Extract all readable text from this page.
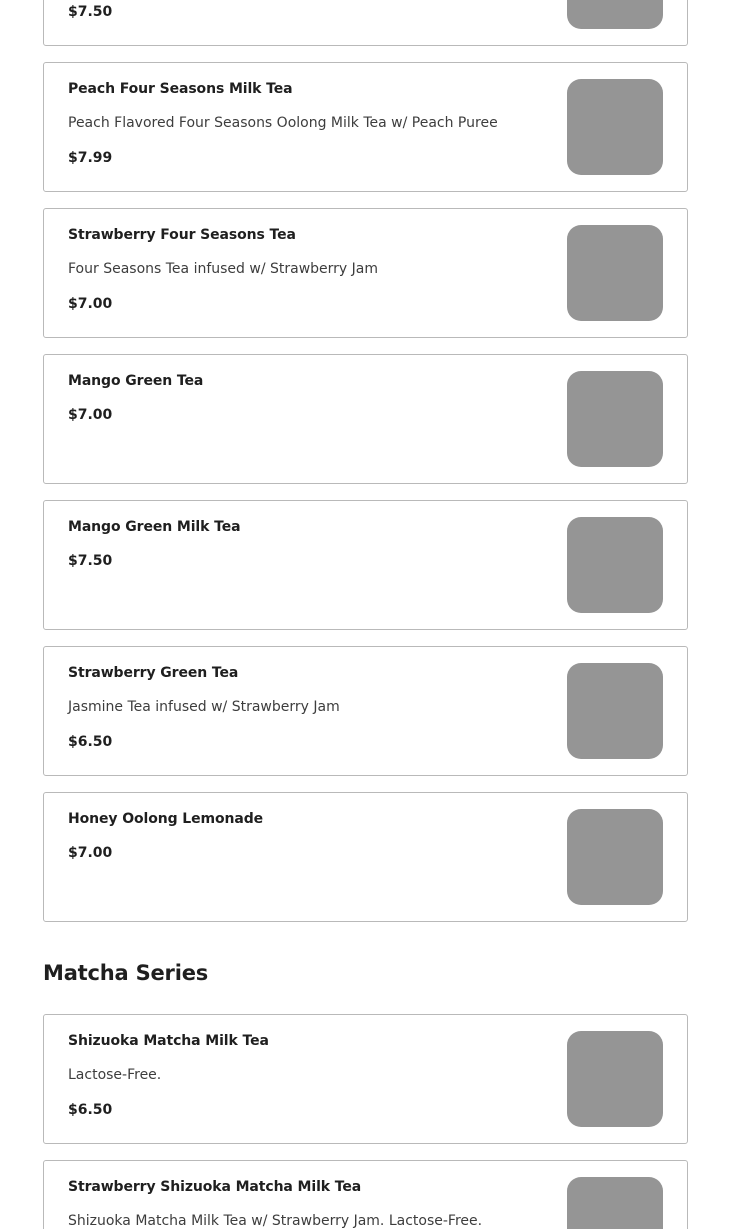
$7.50
Peach Four Seasons Milk Tea
Peach Flavored Four Seasons Oolong Milk Tea w/ Peach Puree
$7.99
Strawberry Four Seasons Tea
Four Seasons Tea infused w/ Strawberry Jam
$7.00
Mango Green Tea
$7.00
Mango Green Milk Tea
$7.50
Strawberry Green Tea
Jasmine Tea infused w/ Strawberry Jam
$6.50
Honey Oolong Lemonade
$7.00
Matcha Series
Shizuoka Matcha Milk Tea
Lactose-Free.
$6.50
Strawberry Shizuoka Matcha Milk Tea
Shizuoka Matcha Milk Tea w/ Strawberry Jam. Lactose-Free.
